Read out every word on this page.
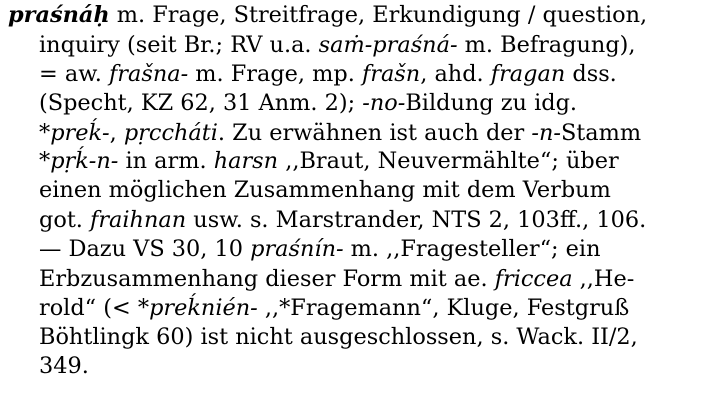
praśnáḥ m. Frage, Streitfrage, Erkundigung / question,
inquiry (seit Br.; RV u.a. saṁ-praśná- m. Befragung),
= aw. frašna- m. Frage, mp. frašn, ahd. fragan dss.
(Specht, KZ 62, 31 Anm. 2); -no-Bildung zu idg.
*preḱ-, pṛccháti. Zu erwähnen ist auch der -n-Stamm
*pṛḱ-n- in arm. harsn ,,Braut, Neuvermählte“; über
einen möglichen Zusammenhang mit dem Verbum
got. fraihnan usw. s. Marstrander, NTS 2, 103ff., 106.
— Dazu VS 30, 10 praśnín- m. ,,Fragesteller“; ein
Erbzusammenhang dieser Form mit ae. friccea ,,He-
rold“ (< *preḱnién- ,,*Fragemann“, Kluge, Festgruß
Böhtlingk 60) ist nicht ausgeschlossen, s. Wack. II/2,
349.
